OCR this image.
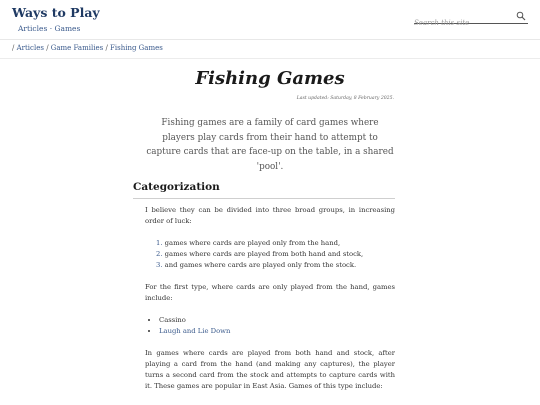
Ways to Play
Articles · Games
Search this site
/ Articles / Game Families / Fishing Games
Fishing Games
Last updated: Saturday, 8 February 2025.

Fishing games are a family of card games where players play cards from their hand to attempt to capture cards that are face-up on the table, in a shared 'pool'.

Categorization

I believe they can be divided into three broad groups, in increasing order of luck:

1. games where cards are played only from the hand,
2. games where cards are played from both hand and stock,
3. and games where cards are played only from the stock.

For the first type, where cards are only played from the hand, games include:

• Cassino
• Laugh and Lie Down

In games where cards are played from both hand and stock, after playing a card from the hand (and making any captures), the player turns a second card from the stock and attempts to capture cards with it. These games are popular in East Asia. Games of this type include:
